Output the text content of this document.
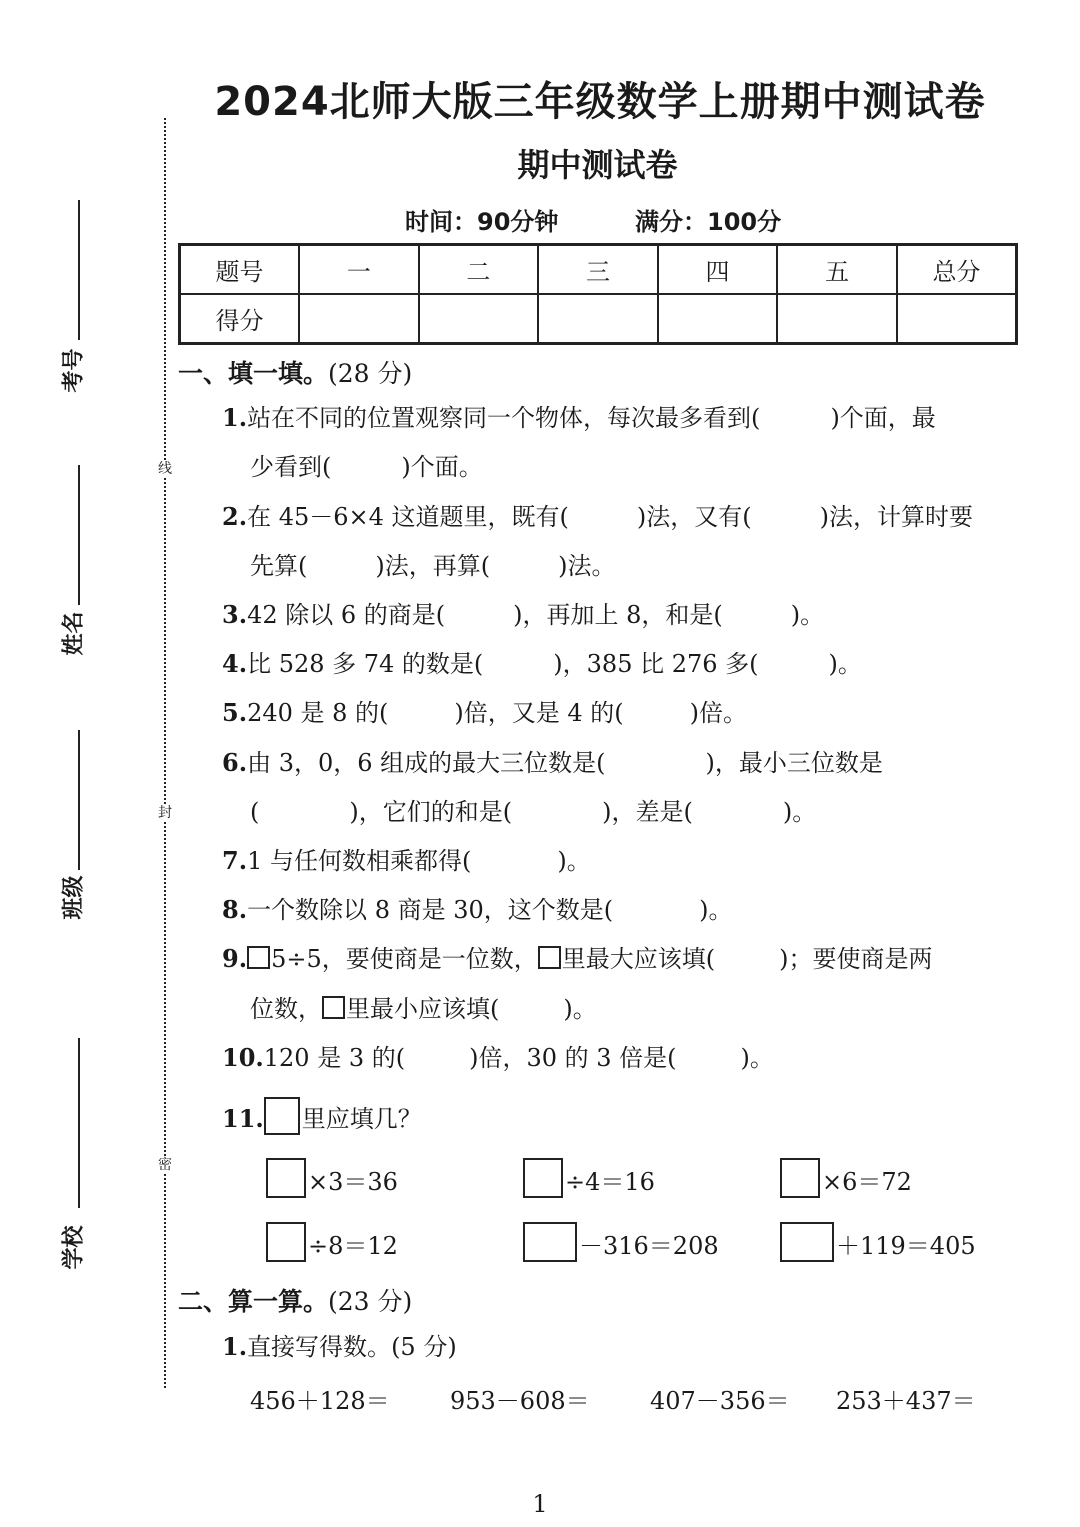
线
封
密
考号
姓名
班级
学校
2024北师大版三年级数学上册期中测试卷
期中测试卷
时间：90分钟	满分：100分
题号	一	二	三	四	五	总分
得分						
一、填一填。(28 分)
1.站在不同的位置观察同一个物体，每次最多看到(	)个面，最
少看到(	)个面。
2.在 45－6×4 这道题里，既有(	)法，又有(	)法，计算时要
先算(	)法，再算(	)法。
3.42 除以 6 的商是(	)，再加上 8，和是(	)。
4.比 528 多 74 的数是(	)，385 比 276 多(	)。
5.240 是 8 的(	)倍，又是 4 的(	)倍。
6.由 3，0，6 组成的最大三位数是(	)，最小三位数是
(	)，它们的和是(	)，差是(	)。
7.1 与任何数相乘都得(	)。
8.一个数除以 8 商是 30，这个数是(	)。
9. 5÷5，要使商是一位数， 里最大应该填(	)；要使商是两
位数， 里最小应该填(	)。
10.120 是 3 的(	)倍，30 的 3 倍是(	)。
11. 里应填几？
×3＝36	÷4＝16	×6＝72
÷8＝12	－316＝208	＋119＝405
二、算一算。(23 分)
1.直接写得数。(5 分)
456＋128＝	953－608＝	407－356＝ 253＋437＝
1
